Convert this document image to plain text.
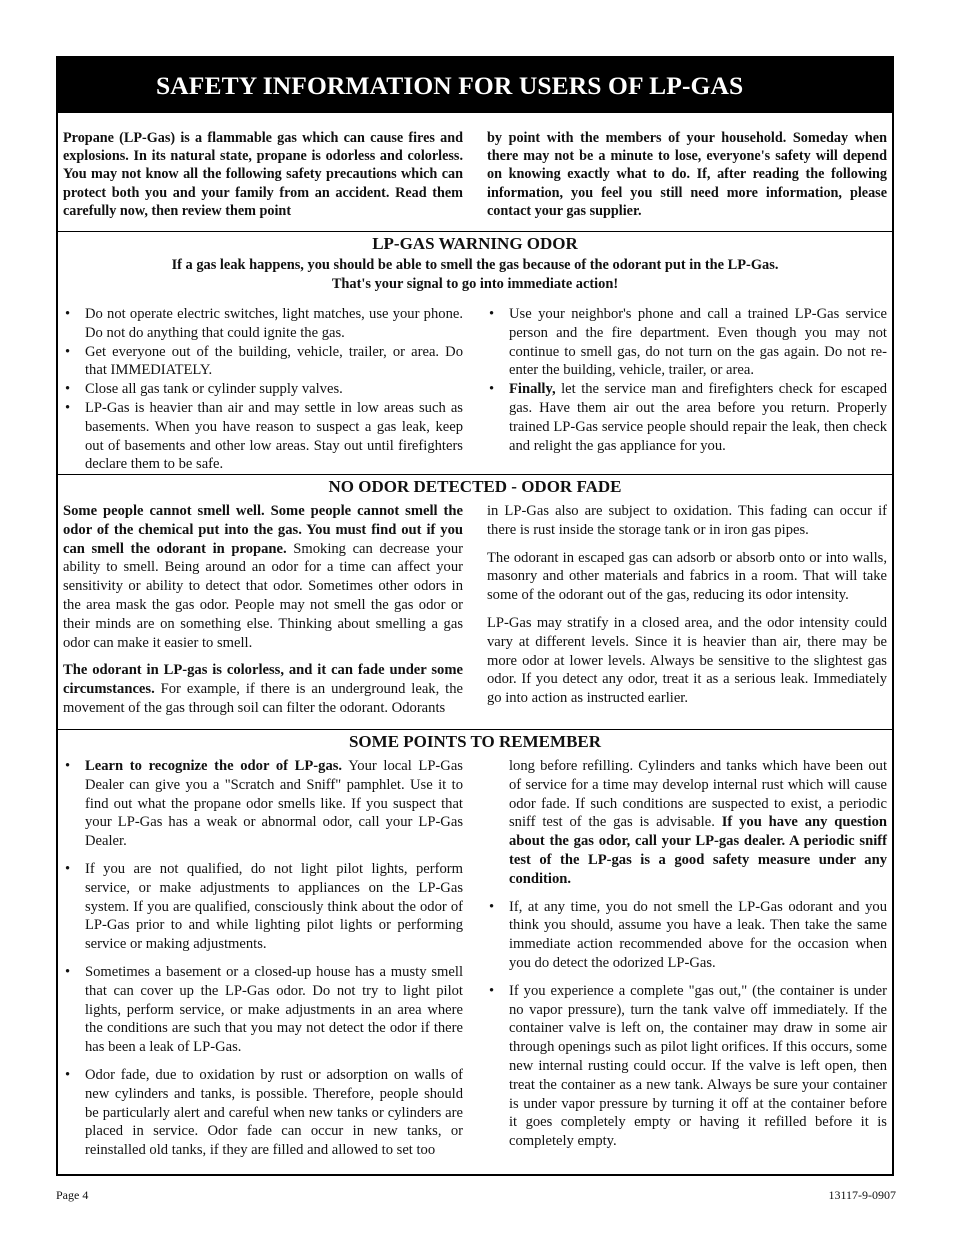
SAFETY INFORMATION FOR USERS OF LP-GAS

Propane (LP-Gas) is a flammable gas which can cause fires and explosions. In its natural state, propane is odorless and colorless. You may not know all the following safety precautions which can protect both you and your family from an accident. Read them carefully now, then review them point

by point with the members of your household. Someday when there may not be a minute to lose, everyone's safety will depend on knowing exactly what to do. If, after reading the following information, you feel you still need more information, please contact your gas supplier.

LP-GAS WARNING ODOR
If a gas leak happens, you should be able to smell the gas because of the odorant put in the LP-Gas.
That's your signal to go into immediate action!
• Do not operate electric switches, light matches, use your phone. Do not do anything that could ignite the gas.
• Get everyone out of the building, vehicle, trailer, or area. Do that IMMEDIATELY.
• Close all gas tank or cylinder supply valves.
• LP-Gas is heavier than air and may settle in low areas such as basements. When you have reason to suspect a gas leak, keep out of basements and other low areas. Stay out until firefighters declare them to be safe.
• Use your neighbor's phone and call a trained LP-Gas service person and the fire department. Even though you may not continue to smell gas, do not turn on the gas again. Do not re-enter the building, vehicle, trailer, or area.
• Finally, let the service man and firefighters check for escaped gas. Have them air out the area before you return. Properly trained LP-Gas service people should repair the leak, then check and relight the gas appliance for you.
NO ODOR DETECTED - ODOR FADE

Some people cannot smell well. Some people cannot smell the odor of the chemical put into the gas. You must find out if you can smell the odorant in propane. Smoking can decrease your ability to smell. Being around an odor for a time can affect your sensitivity or ability to detect that odor. Sometimes other odors in the area mask the gas odor. People may not smell the gas odor or their minds are on something else. Thinking about smelling a gas odor can make it easier to smell.

The odorant in LP-gas is colorless, and it can fade under some circumstances. For example, if there is an underground leak, the movement of the gas through soil can filter the odorant. Odorants

in LP-Gas also are subject to oxidation. This fading can occur if there is rust inside the storage tank or in iron gas pipes.

The odorant in escaped gas can adsorb or absorb onto or into walls, masonry and other materials and fabrics in a room. That will take some of the odorant out of the gas, reducing its odor intensity.

LP-Gas may stratify in a closed area, and the odor intensity could vary at different levels. Since it is heavier than air, there may be more odor at lower levels. Always be sensitive to the slightest gas odor. If you detect any odor, treat it as a serious leak. Immediately go into action as instructed earlier.

SOME POINTS TO REMEMBER
• Learn to recognize the odor of LP-gas. Your local LP-Gas Dealer can give you a "Scratch and Sniff" pamphlet. Use it to find out what the propane odor smells like. If you suspect that your LP-Gas has a weak or abnormal odor, call your LP-Gas Dealer.
• If you are not qualified, do not light pilot lights, perform service, or make adjustments to appliances on the LP-Gas system. If you are qualified, consciously think about the odor of LP-Gas prior to and while lighting pilot lights or performing service or making adjustments.
• Sometimes a basement or a closed-up house has a musty smell that can cover up the LP-Gas odor. Do not try to light pilot lights, perform service, or make adjustments in an area where the conditions are such that you may not detect the odor if there has been a leak of LP-Gas.
• Odor fade, due to oxidation by rust or adsorption on walls of new cylinders and tanks, is possible. Therefore, people should be particularly alert and careful when new tanks or cylinders are placed in service. Odor fade can occur in new tanks, or reinstalled old tanks, if they are filled and allowed to set too

long before refilling. Cylinders and tanks which have been out of service for a time may develop internal rust which will cause odor fade. If such conditions are suspected to exist, a periodic sniff test of the gas is advisable. If you have any question about the gas odor, call your LP-gas dealer. A periodic sniff test of the LP-gas is a good safety measure under any condition.

• If, at any time, you do not smell the LP-Gas odorant and you think you should, assume you have a leak. Then take the same immediate action recommended above for the occasion when you do detect the odorized LP-Gas.
• If you experience a complete "gas out," (the container is under no vapor pressure), turn the tank valve off immediately. If the container valve is left on, the container may draw in some air through openings such as pilot light orifices. If this occurs, some new internal rusting could occur. If the valve is left open, then treat the container as a new tank. Always be sure your container is under vapor pressure by turning it off at the container before it goes completely empty or having it refilled before it is completely empty.
Page 4	13117-9-0907
